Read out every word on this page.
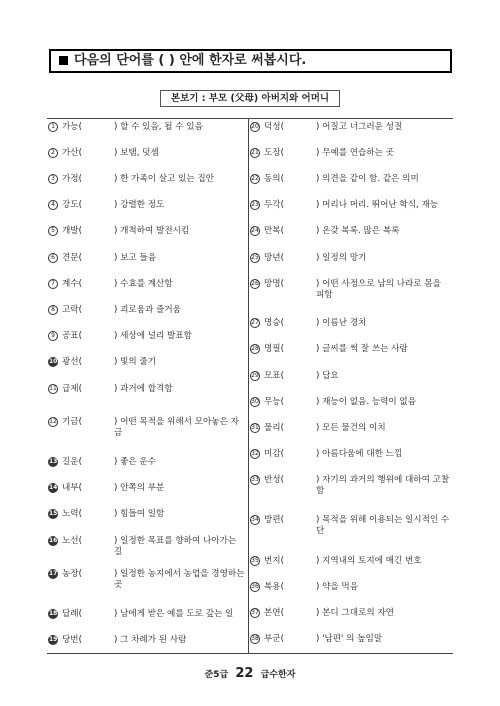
다음의 단어를 ( ) 안에 한자로 써봅시다.
본보기 : 부모 (父母) 아버지와 어머니
1 가능(	) 할 수 있음, 될 수 있음
2 가산(	) 보탬, 덧셈
3 가정(	) 한 가족이 살고 있는 집안
4 강도(	) 강렬한 정도
5 개발(	) 개척하여 발전시킴
6 견문(	) 보고 들음
7 계수(	) 수효를 계산함
8 고락(	) 괴로움과 즐거움
9 공표(	) 세상에 널리 발표함
10 광선(	) 빛의 줄기
11 급제(	) 과거에 합격함
12 기금(	) 어떤 목적을 위해서 모아놓은 자금
13 길운(	) 좋은 운수
14 내부(	) 안쪽의 부분
15 노력(	) 힘들여 일함
16 노선(	) 일정한 목표를 향하여 나아가는 길
17 농장(	) 일정한 농지에서 농업을 경영하는 곳
18 답례(	) 남에게 받은 예를 도로 갚는 일
19 당번(	) 그 차례가 된 사람
20 덕성(	) 어질고 너그러운 성질
21 도장(	) 무예를 연습하는 곳
22 동의(	) 의견을 같이 함. 같은 의미
23 두각(	) 머리나 머리. 뛰어난 학식, 재능
24 만복(	) 온갖 복록. 많은 복록
25 망년(	) 일정의 망기
26 망명(	) 어떤 사정으로 남의 나라로 몸을 피함
27 명승(	) 이름난 경치
28 명필(	) 글씨를 썩 잘 쓰는 사람
29 모표(	) 답요
30 무능(	) 재능이 없음. 능력이 없음
31 물리(	) 모든 물건의 이치
32 미감(	) 아름다움에 대한 느낌
33 반성(	) 자기의 과거의 행위에 대하여 고찰함
34 방편(	) 목적을 위해 이용되는 일시적인 수단
35 번지(	) 지역내의 토지에 매긴 번호
36 복용(	) 약을 먹음
37 본연(	) 본디 그대로의 자연
38 부군(	) '남편' 의 높임말
준5급 22 급수한자
